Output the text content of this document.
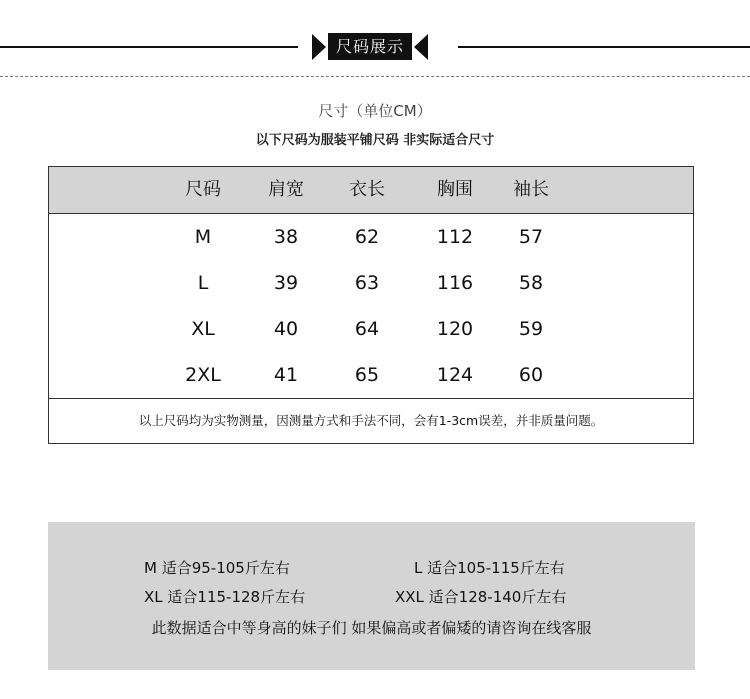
尺码展示
尺寸（单位CM）
以下尺码为服装平铺尺码 非实际适合尺寸
尺码	肩宽	衣长	胸围	袖长
M	38	62	112	57
L	39	63	116	58
XL	40	64	120	59
2XL	41	65	124	60
以上尺码均为实物测量，因测量方式和手法不同，会有1-3cm误差，并非质量问题。
M 适合95-105斤左右	L 适合105-115斤左右
XL 适合115-128斤左右	XXL 适合128-140斤左右
此数据适合中等身高的妹子们 如果偏高或者偏矮的请咨询在线客服
